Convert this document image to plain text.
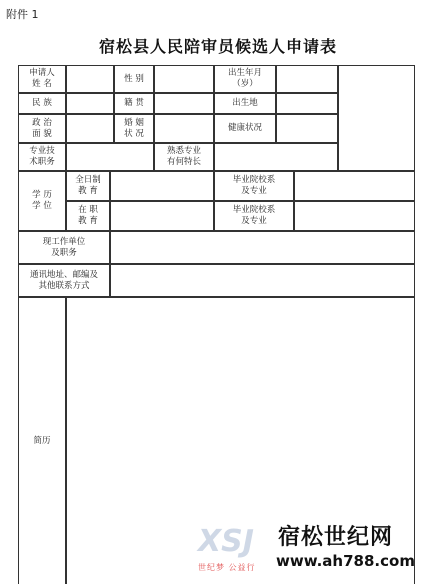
附件 1
宿松县人民陪审员候选人申请表
申请人
姓 名
性 别
出生年月
（岁）
民 族	籍 贯	出生地
政 治
面 貌
婚 姻
状 况
健康状况
专业技
术职务
熟悉专业
有何特长
学 历
学 位
全日制
教 育
毕业院校系
及专业
在 职
教 育
毕业院校系
及专业
现工作单位
及职务
通讯地址、邮编及
其他联系方式
简历
XSJ
世纪梦 公益行
宿松世纪网
www.ah788.com
